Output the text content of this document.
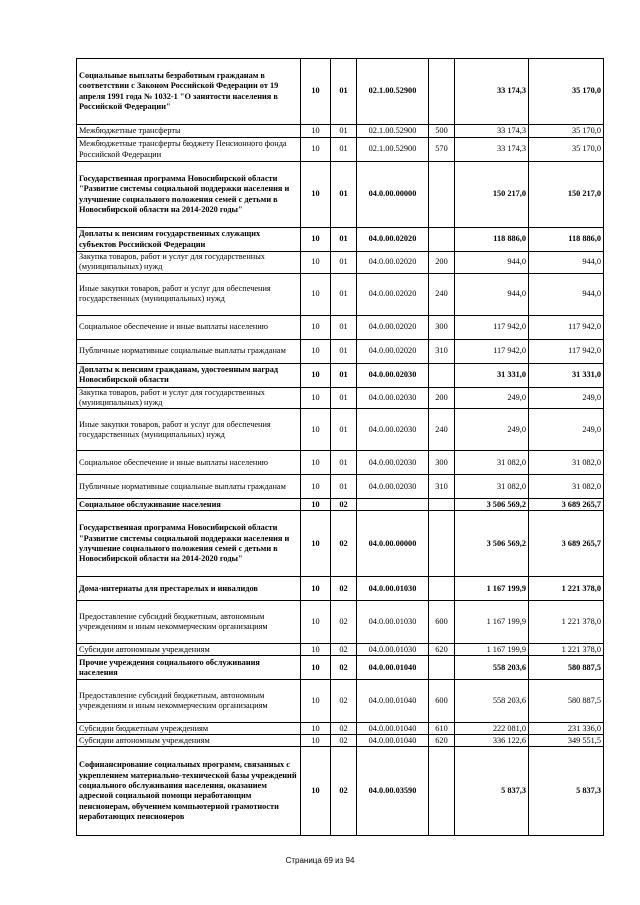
Социальные выплаты безработным гражданам в соответствии с Законом Российской Федерации от 19 апреля 1991 года № 1032-1 "О занятости населения в Российской Федерации"	10	01	02.1.00.52900		33 174,3	35 170,0
Межбюджетные трансферты	10	01	02.1.00.52900	500	33 174,3	35 170,0
Межбюджетные трансферты бюджету Пенсионного фонда Российской Федерации	10	01	02.1.00.52900	570	33 174,3	35 170,0
Государственная программа Новосибирской области "Развитие системы социальной поддержки населения и улучшение социального положения семей с детьми в Новосибирской области на 2014-2020 годы"	10	01	04.0.00.00000		150 217,0	150 217,0
Доплаты к пенсиям государственных служащих субъектов Российской Федерации	10	01	04.0.00.02020		118 886,0	118 886,0
Закупка товаров, работ и услуг для государственных (муниципальных) нужд	10	01	04.0.00.02020	200	944,0	944,0
Иные закупки товаров, работ и услуг для обеспечения государственных (муниципальных) нужд	10	01	04.0.00.02020	240	944,0	944,0
Социальное обеспечение и иные выплаты населению	10	01	04.0.00.02020	300	117 942,0	117 942,0
Публичные нормативные социальные выплаты гражданам	10	01	04.0.00.02020	310	117 942,0	117 942,0
Доплаты к пенсиям гражданам, удостоенным наград Новосибирской области	10	01	04.0.00.02030		31 331,0	31 331,0
Закупка товаров, работ и услуг для государственных (муниципальных) нужд	10	01	04.0.00.02030	200	249,0	249,0
Иные закупки товаров, работ и услуг для обеспечения государственных (муниципальных) нужд	10	01	04.0.00.02030	240	249,0	249,0
Социальное обеспечение и иные выплаты населению	10	01	04.0.00.02030	300	31 082,0	31 082,0
Публичные нормативные социальные выплаты гражданам	10	01	04.0.00.02030	310	31 082,0	31 082,0
Социальное обслуживание населения	10	02			3 506 569,2	3 689 265,7
Государственная программа Новосибирской области "Развитие системы социальной поддержки населения и улучшение социального положения семей с детьми в Новосибирской области на 2014-2020 годы"	10	02	04.0.00.00000		3 506 569,2	3 689 265,7
Дома-интернаты для престарелых и инвалидов	10	02	04.0.00.01030		1 167 199,9	1 221 378,0
Предоставление субсидий бюджетным, автономным учреждениям и иным некоммерческим организациям	10	02	04.0.00.01030	600	1 167 199,9	1 221 378,0
Субсидии автономным учреждениям	10	02	04.0.00.01030	620	1 167 199,9	1 221 378,0
Прочие учреждения социального обслуживания населения	10	02	04.0.00.01040		558 203,6	580 887,5
Предоставление субсидий бюджетным, автономным учреждениям и иным некоммерческим организациям	10	02	04.0.00.01040	600	558 203,6	580 887,5
Субсидии бюджетным учреждениям	10	02	04.0.00.01040	610	222 081,0	231 336,0
Субсидии автономным учреждениям	10	02	04.0.00.01040	620	336 122,6	349 551,5
Софинансирование социальных программ, связанных с укреплением материально-технической базы учреждений социального обслуживания населения, оказанием адресной социальной помощи неработающим пенсионерам, обучением компьютерной грамотности неработающих пенсионеров	10	02	04.0.00.03590		5 837,3	5 837,3
Страница 69 из 94
